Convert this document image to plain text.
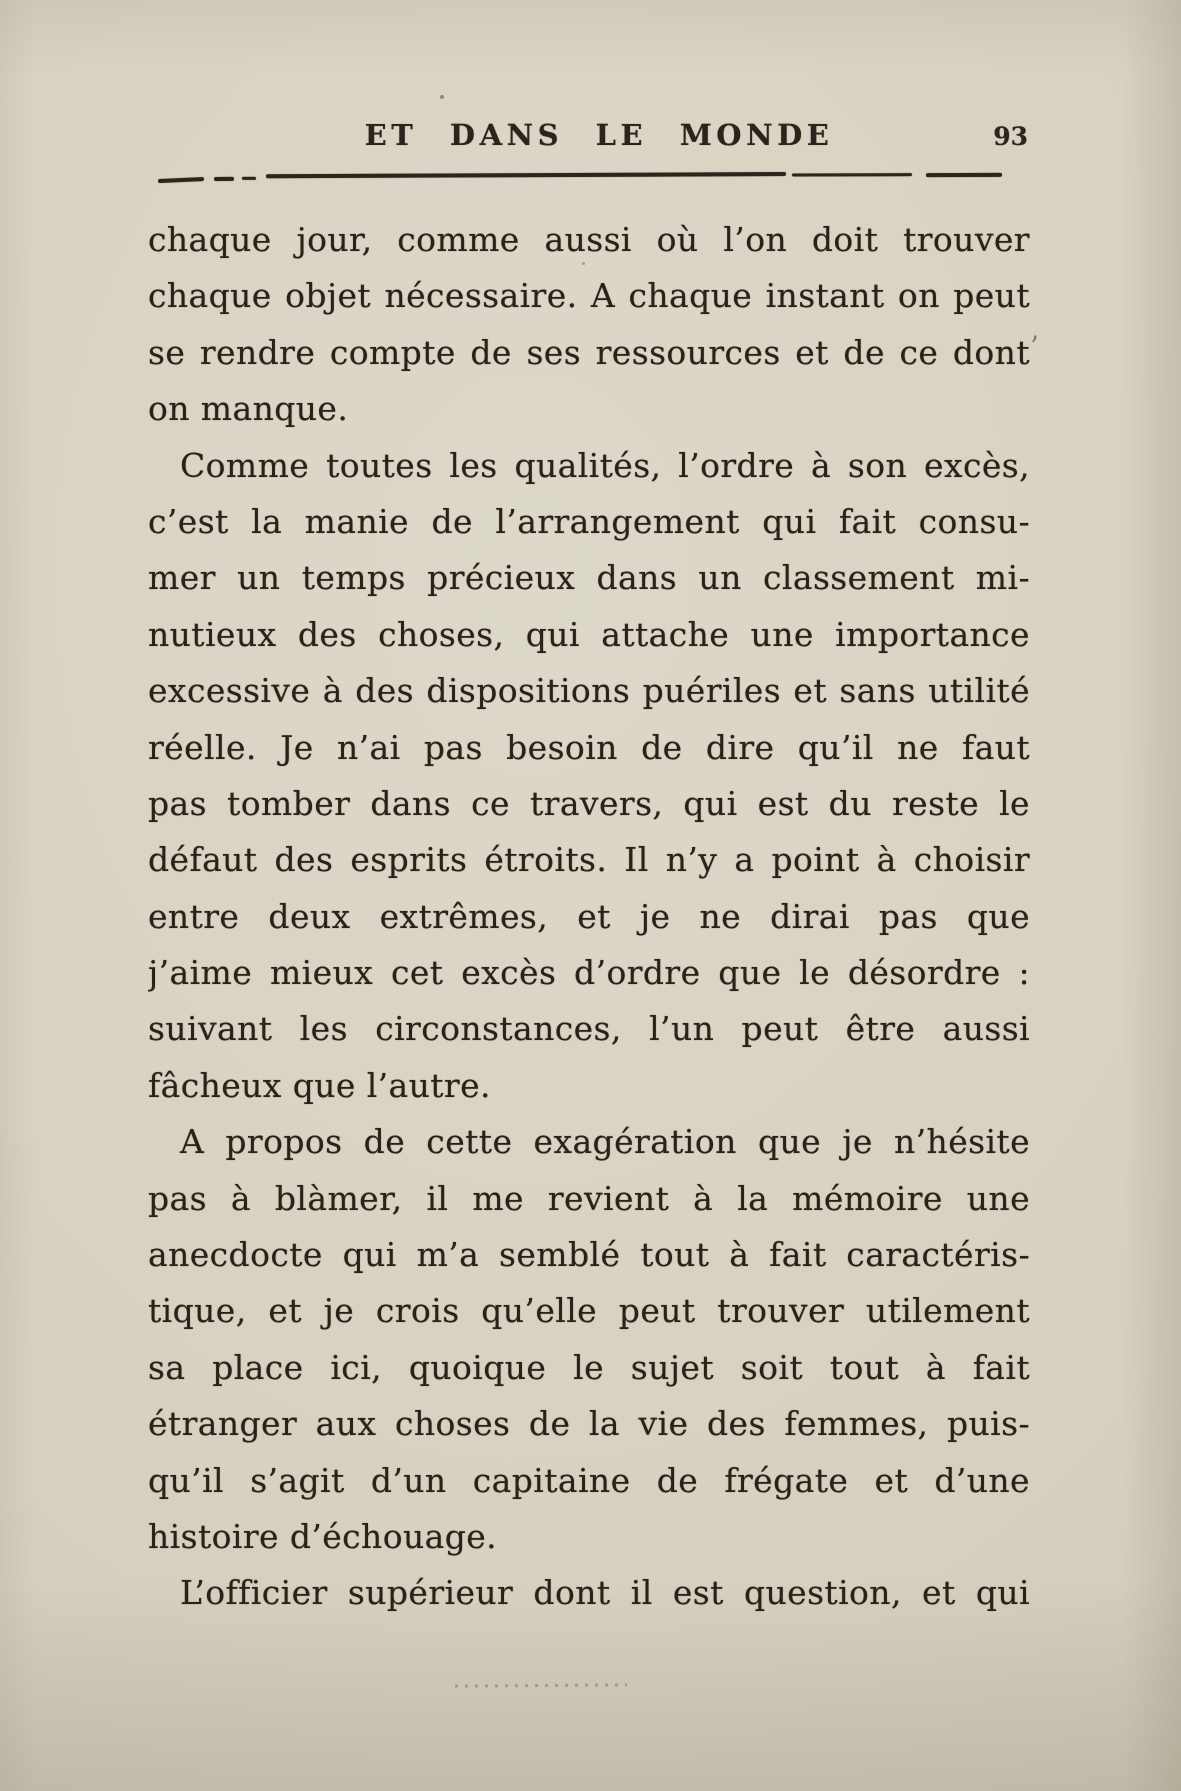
ET DANS LE MONDE	93
chaque jour, comme aussi où l’on doit trouver
chaque objet nécessaire. A chaque instant on peut
se rendre compte de ses ressources et de ce dont
on manque.
Comme toutes les qualités, l’ordre à son excès,
c’est la manie de l’arrangement qui fait consu-
mer un temps précieux dans un classement mi-
nutieux des choses, qui attache une importance
excessive à des dispositions puériles et sans utilité
réelle. Je n’ai pas besoin de dire qu’il ne faut
pas tomber dans ce travers, qui est du reste le
défaut des esprits étroits. Il n’y a point à choisir
entre deux extrêmes, et je ne dirai pas que
j’aime mieux cet excès d’ordre que le désordre :
suivant les circonstances, l’un peut être aussi
fâcheux que l’autre.
A propos de cette exagération que je n’hésite
pas à blàmer, il me revient à la mémoire une
anecdocte qui m’a semblé tout à fait caractéris-
tique, et je crois qu’elle peut trouver utilement
sa place ici, quoique le sujet soit tout à fait
étranger aux choses de la vie des femmes, puis-
qu’il s’agit d’un capitaine de frégate et d’une
histoire d’échouage.
L’officier supérieur dont il est question, et qui
’
